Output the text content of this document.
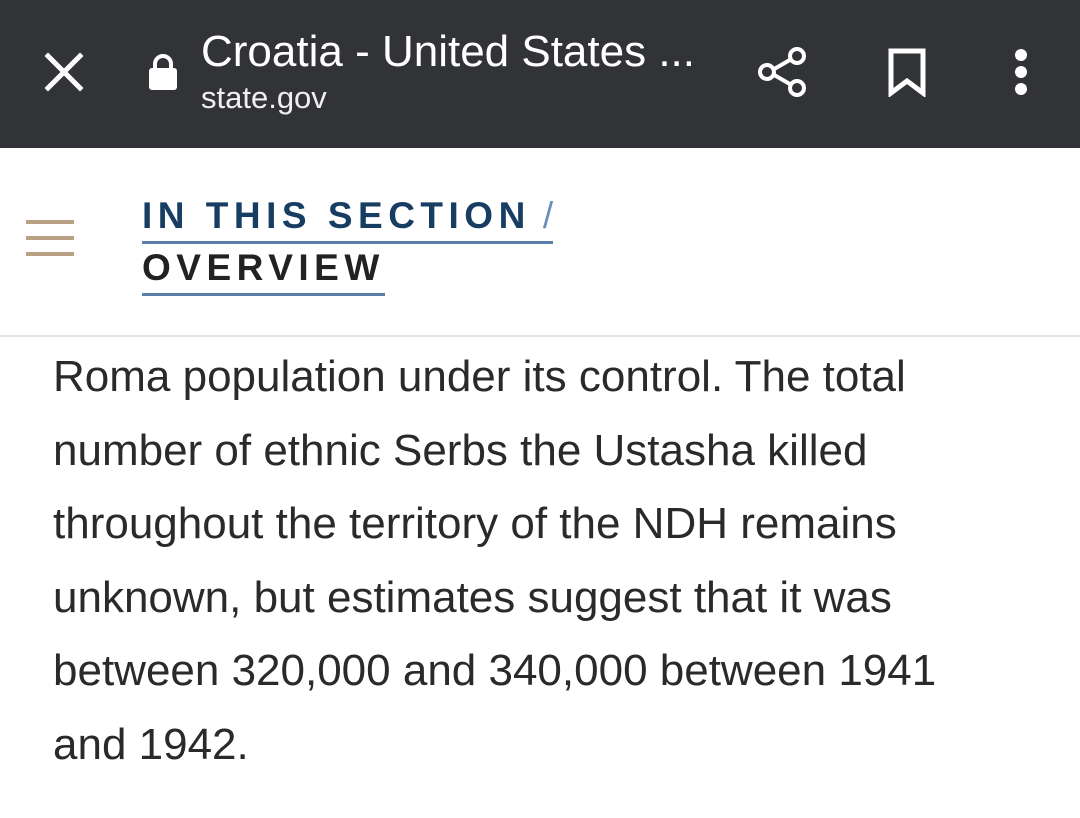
Croatia - United States ...
state.gov
IN THIS SECTION /
OVERVIEW

Roma population under its control. The total
number of ethnic Serbs the Ustasha killed
throughout the territory of the NDH remains
unknown, but estimates suggest that it was
between 320,000 and 340,000 between 1941
and 1942.
